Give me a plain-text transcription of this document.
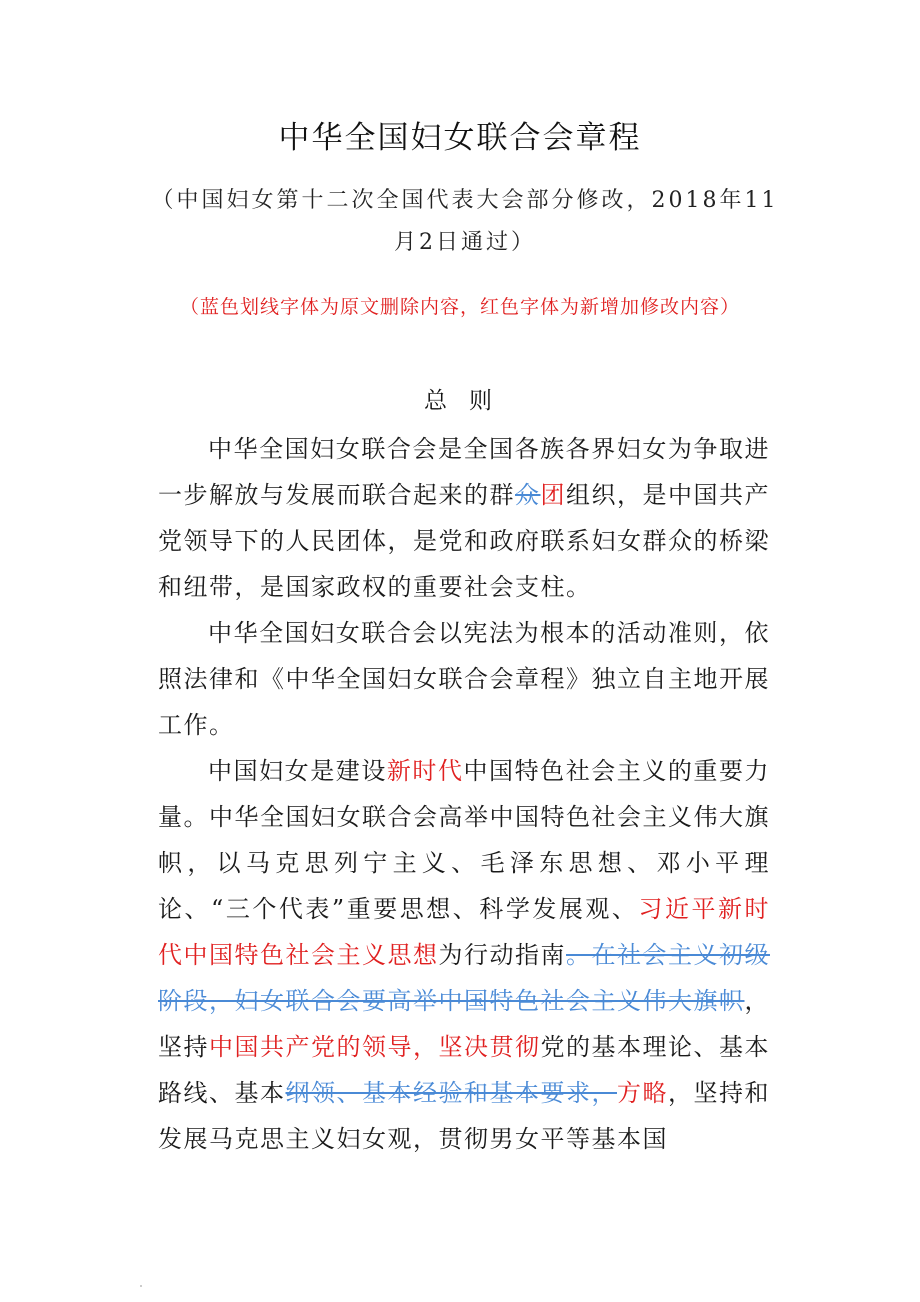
中华全国妇女联合会章程
（中国妇女第十二次全国代表大会部分修改，2018年11月2日通过）
（蓝色划线字体为原文删除内容，红色字体为新增加修改内容）
总则

中华全国妇女联合会是全国各族各界妇女为争取进一步解放与发展而联合起来的群众团组织，是中国共产党领导下的人民团体，是党和政府联系妇女群众的桥梁和纽带，是国家政权的重要社会支柱。

中华全国妇女联合会以宪法为根本的活动准则，依照法律和《中华全国妇女联合会章程》独立自主地开展工作。

中国妇女是建设新时代中国特色社会主义的重要力量。中华全国妇女联合会高举中国特色社会主义伟大旗帜，以马克思列宁主义、毛泽东思想、邓小平理论、“三个代表”重要思想、科学发展观、习近平新时代中国特色社会主义思想为行动指南。在社会主义初级阶段，妇女联合会要高举中国特色社会主义伟大旗帜，坚持中国共产党的领导，坚决贯彻党的基本理论、基本路线、基本纲领、基本经验和基本要求，方略，坚持和发展马克思主义妇女观，贯彻男女平等基本国
